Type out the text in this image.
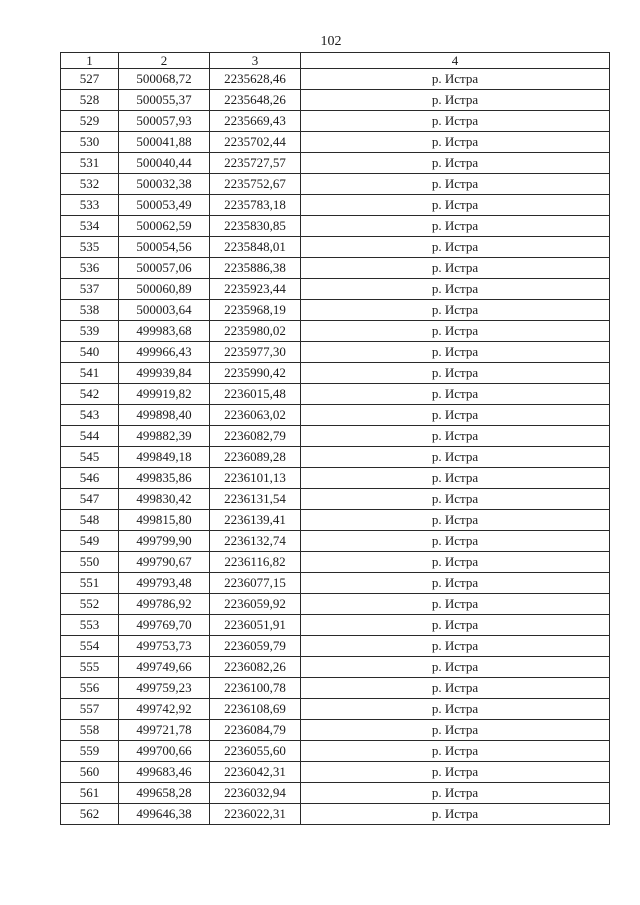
102
1	2	3	4
527	500068,72	2235628,46	р. Истра
528	500055,37	2235648,26	р. Истра
529	500057,93	2235669,43	р. Истра
530	500041,88	2235702,44	р. Истра
531	500040,44	2235727,57	р. Истра
532	500032,38	2235752,67	р. Истра
533	500053,49	2235783,18	р. Истра
534	500062,59	2235830,85	р. Истра
535	500054,56	2235848,01	р. Истра
536	500057,06	2235886,38	р. Истра
537	500060,89	2235923,44	р. Истра
538	500003,64	2235968,19	р. Истра
539	499983,68	2235980,02	р. Истра
540	499966,43	2235977,30	р. Истра
541	499939,84	2235990,42	р. Истра
542	499919,82	2236015,48	р. Истра
543	499898,40	2236063,02	р. Истра
544	499882,39	2236082,79	р. Истра
545	499849,18	2236089,28	р. Истра
546	499835,86	2236101,13	р. Истра
547	499830,42	2236131,54	р. Истра
548	499815,80	2236139,41	р. Истра
549	499799,90	2236132,74	р. Истра
550	499790,67	2236116,82	р. Истра
551	499793,48	2236077,15	р. Истра
552	499786,92	2236059,92	р. Истра
553	499769,70	2236051,91	р. Истра
554	499753,73	2236059,79	р. Истра
555	499749,66	2236082,26	р. Истра
556	499759,23	2236100,78	р. Истра
557	499742,92	2236108,69	р. Истра
558	499721,78	2236084,79	р. Истра
559	499700,66	2236055,60	р. Истра
560	499683,46	2236042,31	р. Истра
561	499658,28	2236032,94	р. Истра
562	499646,38	2236022,31	р. Истра
